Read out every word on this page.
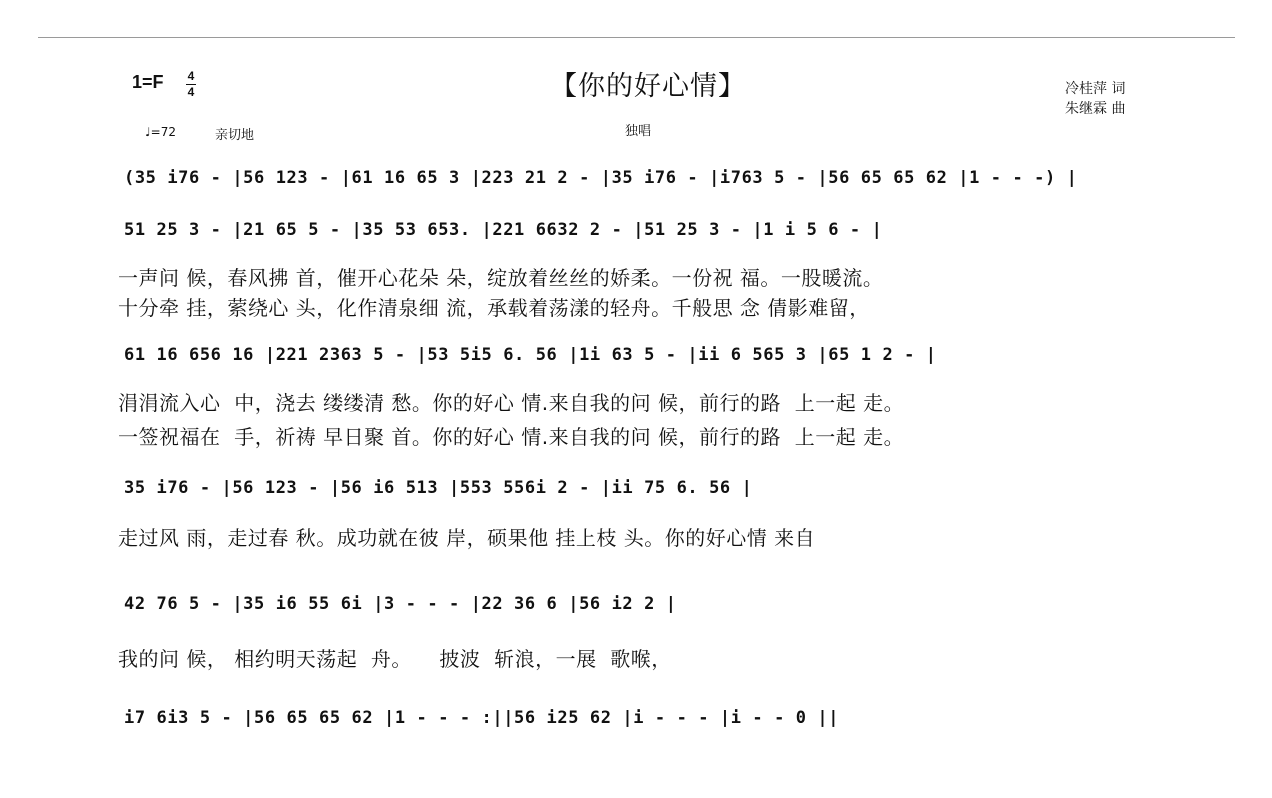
1=F 4
4	【你的好心情】	冷桂萍 词
朱继霖 曲
♩=72	亲切地	独唱
(35 i76 - |56 123 - |61 16 65 3 |223 21 2 - |35 i76 - |i763 5 - |56 65 65 62 |1 - - -) |
51 25 3 - |21 65 5 - |35 53 653. |221 6632 2 - |51 25 3 - |1 i 5 6 - |
一声问 候，春风拂 首，催开心花朵 朵，绽放着丝丝的娇柔。一份祝 福。一股暖流。
十分牵 挂，萦绕心 头，化作清泉细 流，承载着荡漾的轻舟。千般思 念 倩影难留，
61 16 656 16 |221 2363 5 - |53 5i5 6. 56 |1i 63 5 - |ii 6 565 3 |65 1 2 - |
涓涓流入心  中，浇去 缕缕清 愁。你的好心 情.来自我的问 候，前行的路  上一起 走。
一签祝福在  手，祈祷 早日聚 首。你的好心 情.来自我的问 候，前行的路  上一起 走。
35 i76 - |56 123 - |56 i6 513 |553 556i 2 - |ii 75 6. 56 |
走过风 雨，走过春 秋。成功就在彼 岸，硕果他 挂上枝 头。你的好心情 来自
42 76 5 - |35 i6 55 6i |3 - - - |22 36 6 |56 i2 2 |
我的问 候， 相约明天荡起  舟。    披波  斩浪，一展  歌喉，
i7 6i3 5 - |56 65 65 62 |1 - - - :||56 i25 62 |i - - - |i - - 0 ||
